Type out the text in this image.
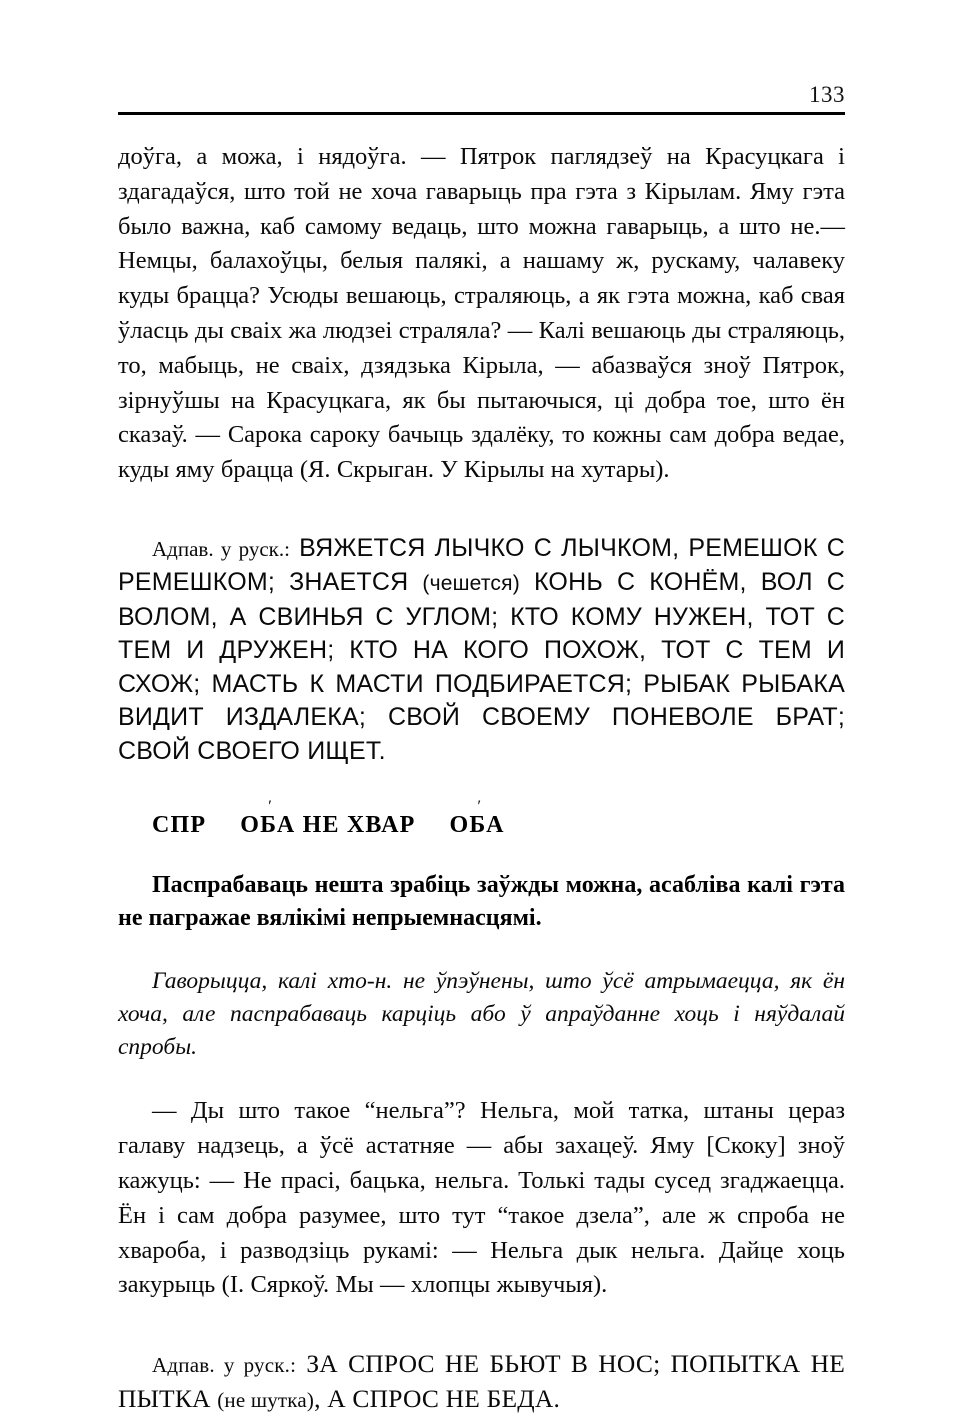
133

доўга, а можа, і нядоўга. — Пятрок паглядзеў на Красуцкага і здагадаўся, што той не хоча гаварыць пра гэта з Кірылам. Яму гэта было важна, каб самому ведаць, што можна гаварыць, а што не.— Немцы, балахоўцы, белыя палякі, а нашаму ж, рускаму, чалавеку куды брацца? Усюды вешаюць, страляюць, а як гэта можна, каб свая ўласць ды сваіх жа людзеі стралялa? — Калі вешаюць ды страляюць, то, мабыць, не сваіх, дзядзька Кірыла, — абазваўся зноў Пятрок, зірнуўшы на Красуцкага, як бы пытаючыся, ці добра тое, што ён сказаў. — Сарока сароку бачыць здалёку, то кожны сам добра ведае, куды яму брацца (Я. Скрыган. У Кірылы на хутары).

Адпав. у руск.: ВЯЖЕТСЯ ЛЫЧКО С ЛЫЧКОМ, РЕМЕШОК С РЕМЕШКОМ; ЗНАЕТСЯ (чешется) КОНЬ С КОНЁМ, ВОЛ С ВОЛОМ, А СВИНЬЯ С УГЛОМ; КТО КОМУ НУЖЕН, ТОТ С ТЕМ И ДРУЖЕН; КТО НА КОГО ПОХОЖ, ТОТ С ТЕМ И СХОЖ; МАСТЬ К МАСТИ ПОДБИРАЕТСЯ; РЫБАК РЫБАКА ВИДИТ ИЗДАЛЕКА; СВОЙ СВОЕМУ ПОНЕВОЛЕ БРАТ; СВОЙ СВОЕГО ИЩЕТ.

СПР О ′БА НЕ ХВАР О ′БА

Паспрабаваць нешта зрабіць заўжды можна, асабліва калі гэта не пагражае вялікімі непрыемнасцямі.

Гаворыцца, калі хто-н. не ўпэўнены, што ўсё атрымаецца, як ён хоча, але паспрабаваць карціць або ў апраўданне хоць і няўдалай спробы.

— Ды што такое “нельга”? Нельга, мой татка, штаны цераз галаву надзець, а ўсё астатняе — абы захацеў. Яму [Скоку] зноў кажуць: — Не прасі, бацька, нельга. Толькі тады сусед згаджаецца. Ён і сам добра разумее, што тут “такое дзела”, але ж спроба не хвароба, і разводзіць рукамі: — Нельга дык нельга. Дайце хоць закурыць (І. Сяркоў. Мы — хлопцы жывучыя).

Адпав. у руск.: ЗА СПРОС НЕ БЬЮТ В НОС; ПОПЫТКА НЕ ПЫТКА (не шутка), А СПРОС НЕ БЕДА.
